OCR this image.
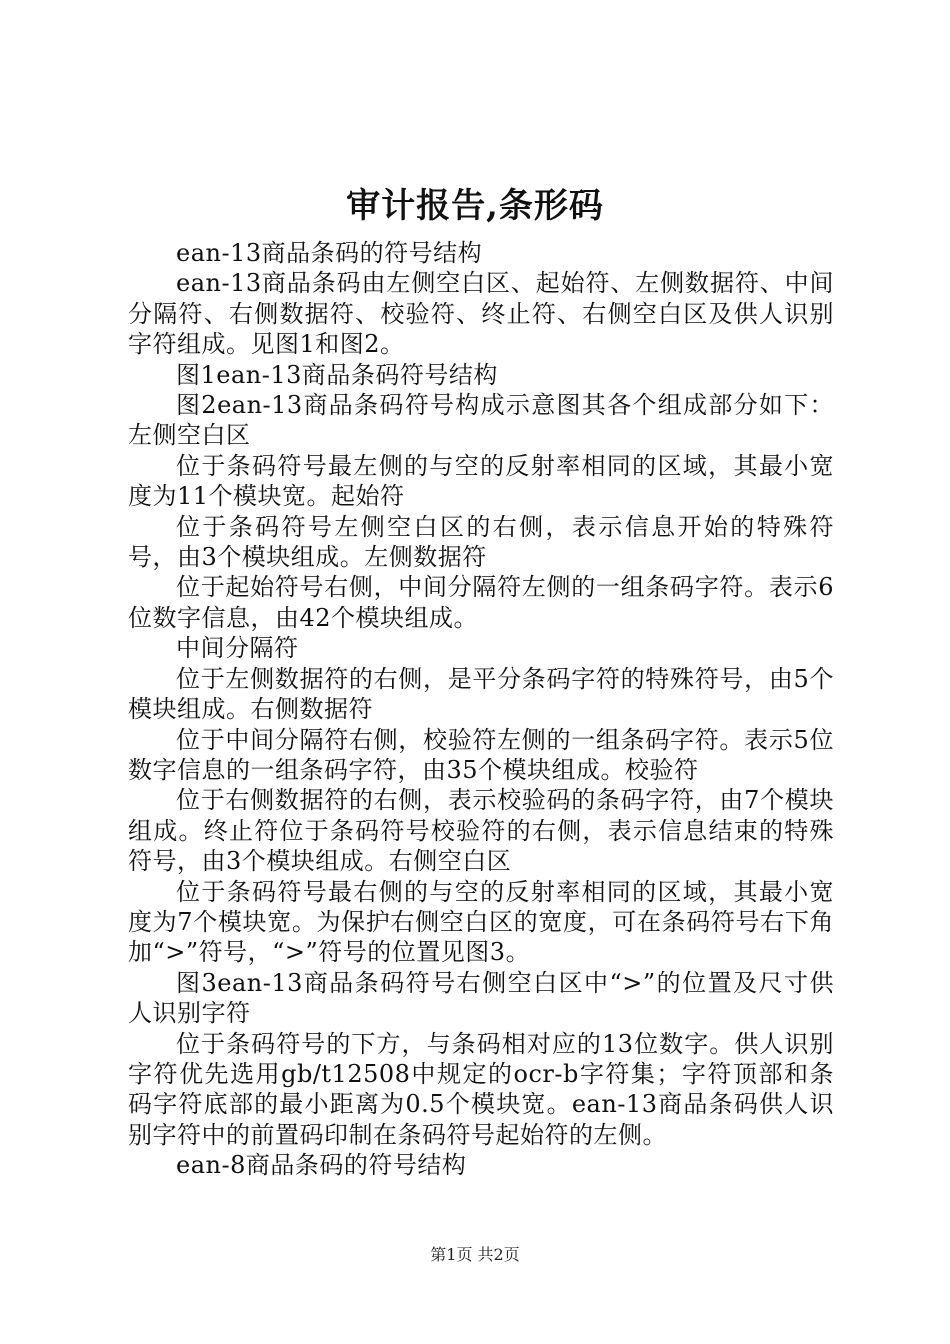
审计报告,条形码

ean-13商品条码的符号结构

ean-13商品条码由左侧空白区、起始符、左侧数据符、中间分隔符、右侧数据符、校验符、终止符、右侧空白区及供人识别字符组成。见图1和图2。

图1ean-13商品条码符号结构

图2ean-13商品条码符号构成示意图其各个组成部分如下：左侧空白区

位于条码符号最左侧的与空的反射率相同的区域，其最小宽度为11个模块宽。起始符

位于条码符号左侧空白区的右侧，表示信息开始的特殊符号，由3个模块组成。左侧数据符

位于起始符号右侧，中间分隔符左侧的一组条码字符。表示6位数字信息，由42个模块组成。

中间分隔符

位于左侧数据符的右侧，是平分条码字符的特殊符号，由5个模块组成。右侧数据符

位于中间分隔符右侧，校验符左侧的一组条码字符。表示5位数字信息的一组条码字符，由35个模块组成。校验符

位于右侧数据符的右侧，表示校验码的条码字符，由7个模块组成。终止符位于条码符号校验符的右侧，表示信息结束的特殊符号，由3个模块组成。右侧空白区

位于条码符号最右侧的与空的反射率相同的区域，其最小宽度为7个模块宽。为保护右侧空白区的宽度，可在条码符号右下角加“>”符号，“>”符号的位置见图3。

图3ean-13商品条码符号右侧空白区中“>”的位置及尺寸供人识别字符

位于条码符号的下方，与条码相对应的13位数字。供人识别字符优先选用gb/t12508中规定的ocr-b字符集；字符顶部和条码字符底部的最小距离为0.5个模块宽。ean-13商品条码供人识别字符中的前置码印制在条码符号起始符的左侧。

ean-8商品条码的符号结构

第1页 共2页
